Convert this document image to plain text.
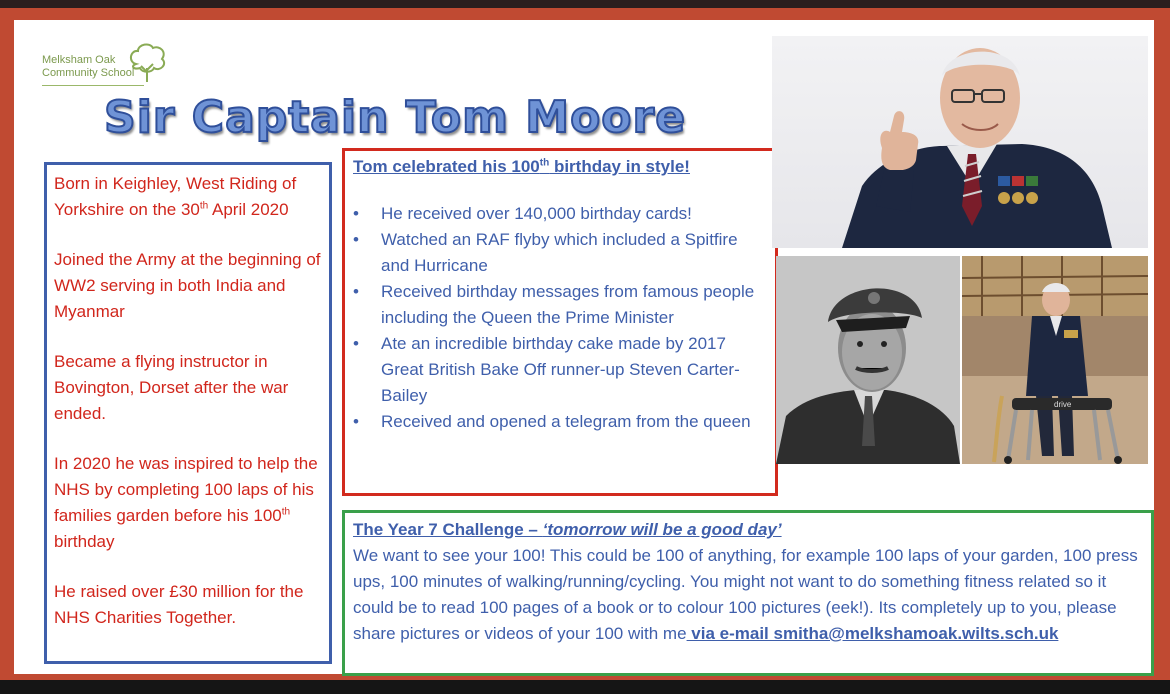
Melksham Oak
Community School
Sir Captain Tom Moore
Born in Keighley, West Riding of Yorkshire on the 30th April 2020
Joined the Army at the beginning of WW2 serving in both India and Myanmar
Became a flying instructor in Bovington, Dorset after the war ended.
In 2020 he was inspired to help the NHS by completing 100 laps of his families garden before his 100th birthday
He raised over £30 million for the NHS Charities Together.
Tom celebrated his 100th birthday in style!
•	He received over 140,000 birthday cards!
•	Watched an RAF flyby which included a Spitfire and Hurricane
•	Received birthday messages from famous people including the Queen the Prime Minister
•	Ate an incredible birthday cake made by 2017 Great British Bake Off runner-up Steven Carter-Bailey
•	Received and opened a telegram from the queen
The Year 7 Challenge – ‘tomorrow will be a good day’
We want to see your 100! This could be 100 of anything, for example 100 laps of your garden, 100 press ups, 100 minutes of walking/running/cycling. You might not want to do something fitness related so it could be to read 100 pages of a book or to colour 100 pictures (eek!). Its completely up to you, please share pictures or videos of your 100 with me via e-mail smitha@melkshamoak.wilts.sch.uk
drive
